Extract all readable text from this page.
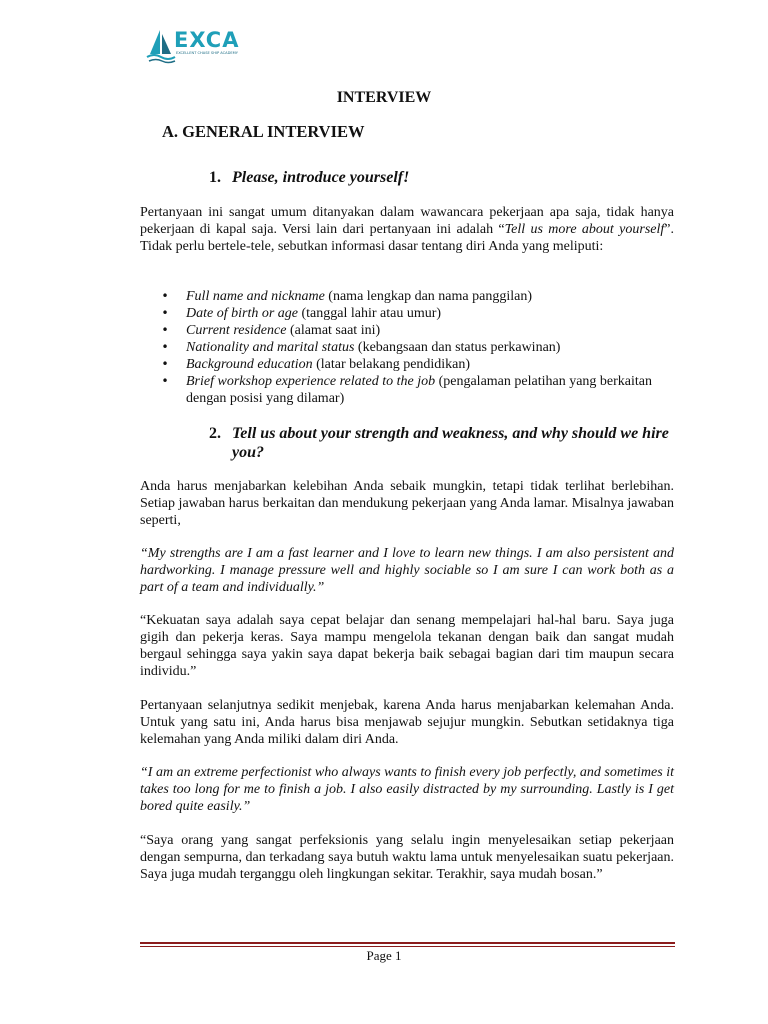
EXCA
EXCELLENT CHASE SHIP ACADEMY
INTERVIEW
A. GENERAL INTERVIEW
1. Please, introduce yourself!
Pertanyaan ini sangat umum ditanyakan dalam wawancara pekerjaan apa saja, tidak hanya pekerjaan di kapal saja. Versi lain dari pertanyaan ini adalah “Tell us more about yourself”. Tidak perlu bertele-tele, sebutkan informasi dasar tentang diri Anda yang meliputi:
• Full name and nickname (nama lengkap dan nama panggilan)
• Date of birth or age (tanggal lahir atau umur)
• Current residence (alamat saat ini)
• Nationality and marital status (kebangsaan dan status perkawinan)
• Background education (latar belakang pendidikan)
• Brief workshop experience related to the job (pengalaman pelatihan yang berkaitan dengan posisi yang dilamar)
2. Tell us about your strength and weakness, and why should we hire you?
Anda harus menjabarkan kelebihan Anda sebaik mungkin, tetapi tidak terlihat berlebihan. Setiap jawaban harus berkaitan dan mendukung pekerjaan yang Anda lamar. Misalnya jawaban seperti,
“My strengths are I am a fast learner and I love to learn new things. I am also persistent and hardworking. I manage pressure well and highly sociable so I am sure I can work both as a part of a team and individually.”
“Kekuatan saya adalah saya cepat belajar dan senang mempelajari hal-hal baru. Saya juga gigih dan pekerja keras. Saya mampu mengelola tekanan dengan baik dan sangat mudah bergaul sehingga saya yakin saya dapat bekerja baik sebagai bagian dari tim maupun secara individu.”
Pertanyaan selanjutnya sedikit menjebak, karena Anda harus menjabarkan kelemahan Anda. Untuk yang satu ini, Anda harus bisa menjawab sejujur mungkin. Sebutkan setidaknya tiga kelemahan yang Anda miliki dalam diri Anda.
“I am an extreme perfectionist who always wants to finish every job perfectly, and sometimes it takes too long for me to finish a job. I also easily distracted by my surrounding. Lastly is I get bored quite easily.”
“Saya orang yang sangat perfeksionis yang selalu ingin menyelesaikan setiap pekerjaan dengan sempurna, dan terkadang saya butuh waktu lama untuk menyelesaikan suatu pekerjaan. Saya juga mudah terganggu oleh lingkungan sekitar. Terakhir, saya mudah bosan.”
Page 1
